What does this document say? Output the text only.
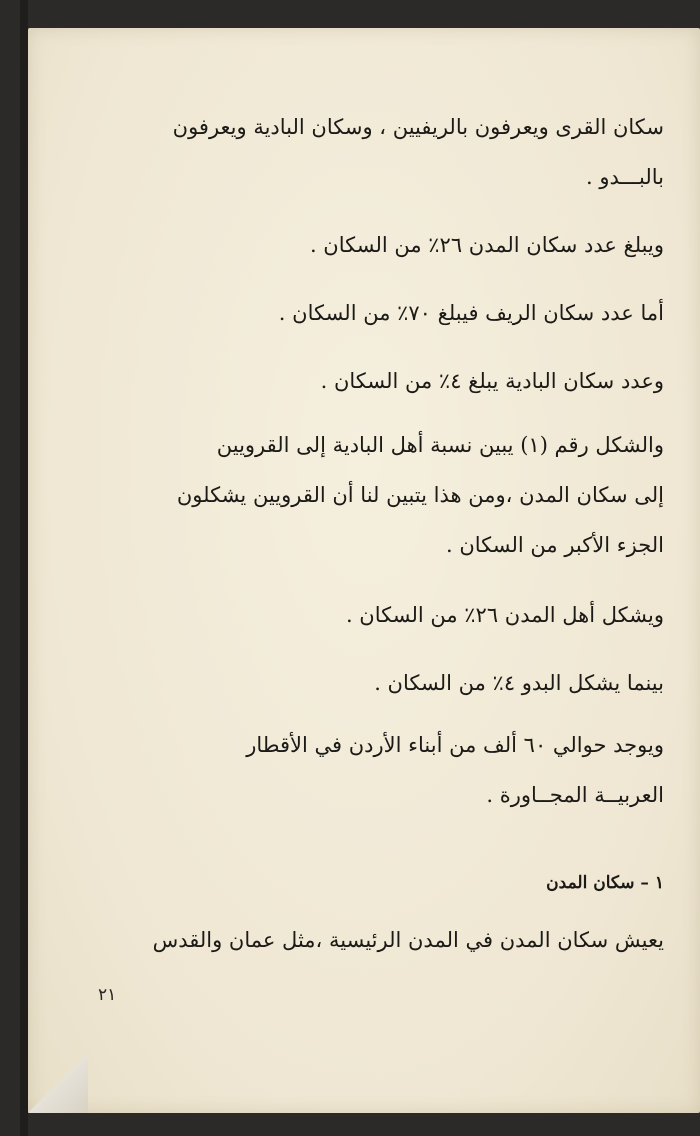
سكان القرى ويعرفون بالريفيين ، وسكان البادية ويعرفون
بالبـــدو .
ويبلغ عدد سكان المدن ٢٦٪ من السكان .
أما عدد سكان الريف فيبلغ ٧٠٪ من السكان .
وعدد سكان البادية يبلغ ٤٪ من السكان .
والشكل رقم (١) يبين نسبة أهل البادية إلى القرويين
إلى سكان المدن ،ومن هذا يتبين لنا أن القرويين يشكلون
الجزء الأكبر من السكان .
ويشكل أهل المدن ٢٦٪ من السكان .
بينما يشكل البدو ٤٪ من السكان .
ويوجد حوالي ٦٠ ألف من أبناء الأردن في الأقطار
العربيــة المجــاورة .
١ – سكان المدن
يعيش سكان المدن في المدن الرئيسية ،مثل عمان والقدس
٢١
